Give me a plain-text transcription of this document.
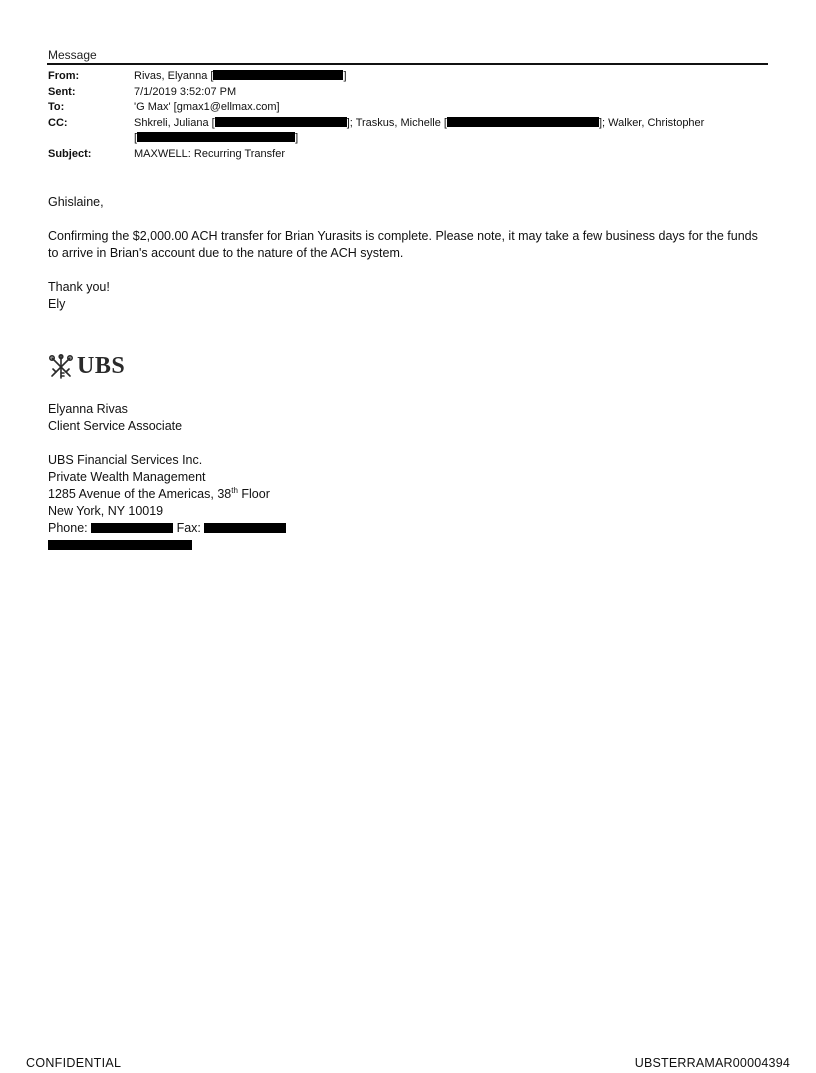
Message
From:	Rivas, Elyanna [	]
Sent:	7/1/2019 3:52:07 PM
To:	'G Max' [gmax1@ellmax.com]
CC:	Shkreli, Juliana [	]; Traskus, Michelle [	]; Walker, Christopher
[	]
Subject:	MAXWELL: Recurring Transfer

Ghislaine,

Confirming the $2,000.00 ACH transfer for Brian Yurasits is complete. Please note, it may take a few business days for the funds to arrive in Brian's account due to the nature of the ACH system.

Thank you!
Ely

UBS
Elyanna Rivas
Client Service Associate
UBS Financial Services Inc.
Private Wealth Management
1285 Avenue of the Americas, 38th Floor
New York, NY 10019
Phone:	Fax:
CONFIDENTIAL	UBSTERRAMAR00004394
